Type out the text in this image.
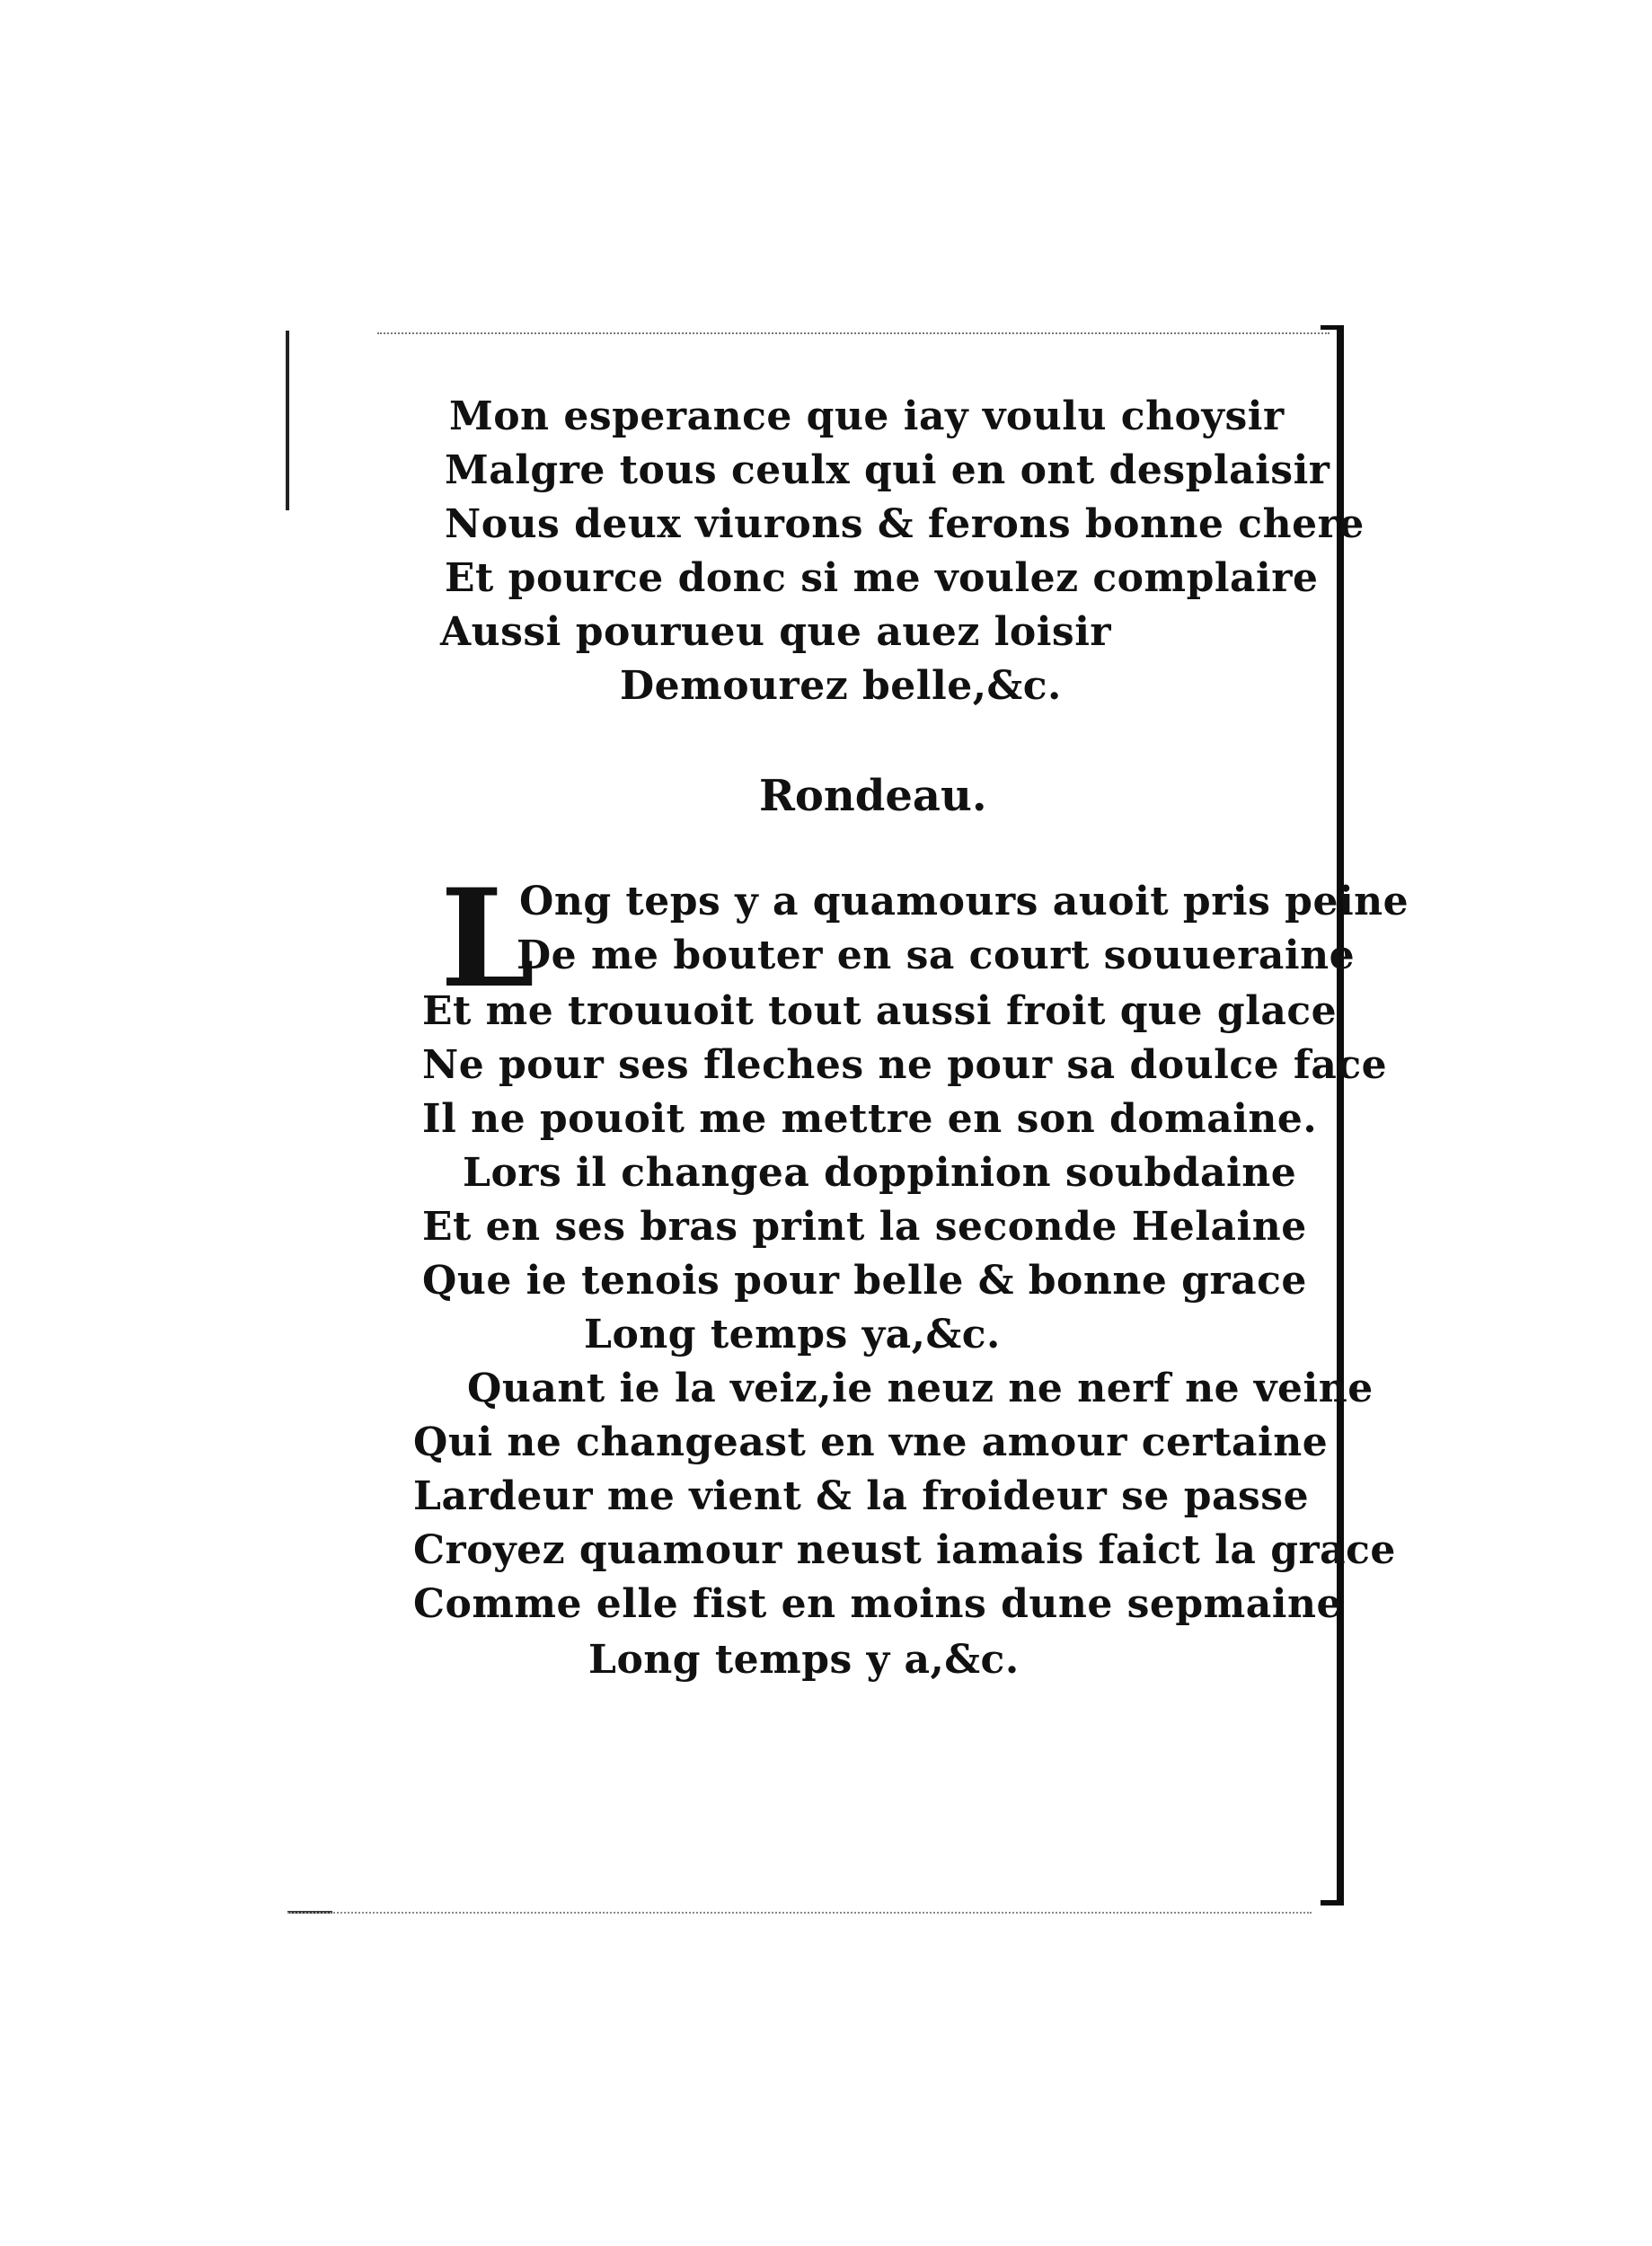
Mon esperance que iay voulu choysir
Malgre tous ceulx qui en ont desplaisir
Nous deux viurons & ferons bonne chere
Et pource donc si me voulez complaire
Aussi pourueu que auez loisir
Demourez belle,&c.
Rondeau.
L
Ong teps y a quamours auoit pris peine
De me bouter en sa court souueraine
Et me trouuoit tout aussi froit que glace
Ne pour ses fleches ne pour sa doulce face
Il ne pouoit me mettre en son domaine.
Lors il changea doppinion soubdaine
Et en ses bras print la seconde Helaine
Que ie tenois pour belle & bonne grace
Long temps ya,&c.
Quant ie la veiz,ie neuz ne nerf ne veine
Qui ne changeast en vne amour certaine
Lardeur me vient & la froideur se passe
Croyez quamour neust iamais faict la grace
Comme elle fist en moins dune sepmaine
Long temps y a,&c.
